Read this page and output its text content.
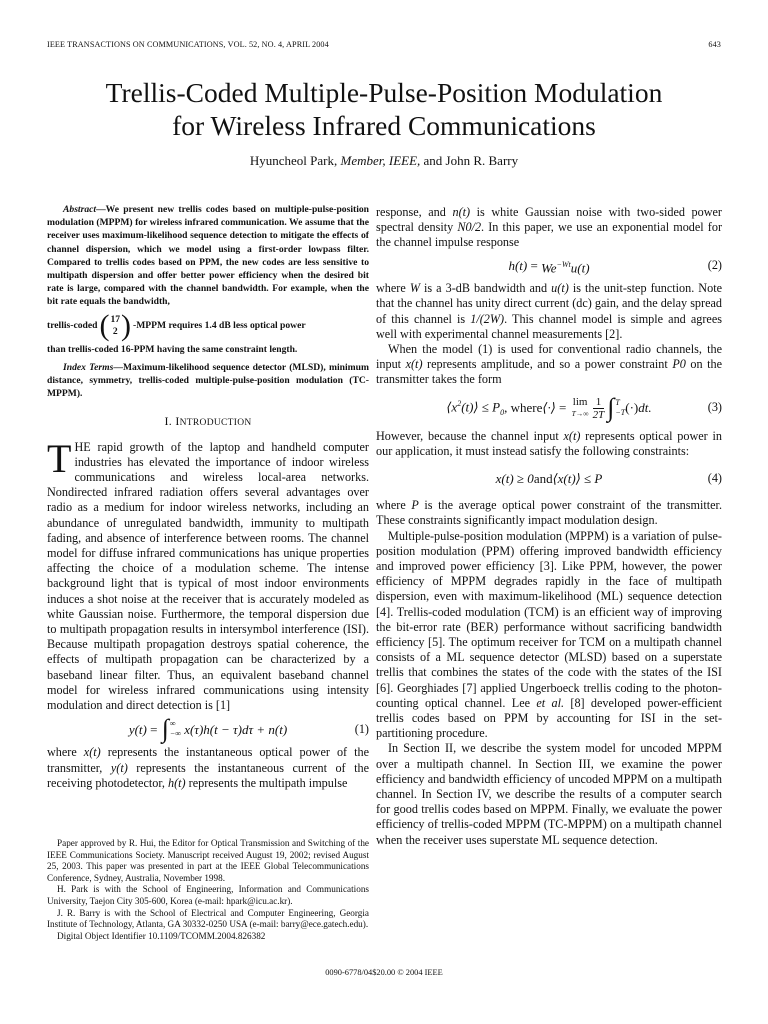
IEEE TRANSACTIONS ON COMMUNICATIONS, VOL. 52, NO. 4, APRIL 2004	643
Trellis-Coded Multiple-Pulse-Position Modulation
for Wireless Infrared Communications
Hyuncheol Park, Member, IEEE, and John R. Barry

Abstract—We present new trellis codes based on multiple-pulse-position modulation (MPPM) for wireless infrared communication. We assume that the receiver uses maximum-likelihood sequence detection to mitigate the effects of channel dispersion, which we model using a first-order lowpass filter. Compared to trellis codes based on PPM, the new codes are less sensitive to multipath dispersion and offer better power efficiency when the desired bit rate is large, compared with the channel bandwidth. For example, when the bit rate equals the bandwidth,

trellis-coded ( 17
2 ) -MPPM requires 1.4 dB less optical power

than trellis-coded 16-PPM having the same constraint length.

Index Terms—Maximum-likelihood sequence detector (MLSD), minimum distance, symmetry, trellis-coded multiple-pulse-position modulation (TC-MPPM).

I. INTRODUCTION

THE rapid growth of the laptop and handheld computer industries has elevated the importance of indoor wireless communications and wireless local-area networks. Nondirected infrared radiation offers several advantages over radio as a medium for indoor wireless networks, including an abundance of unregulated bandwidth, immunity to multipath fading, and absence of interference between rooms. The channel model for diffuse infrared communications has unique properties affecting the choice of a modulation scheme. The intense background light that is typical of most indoor environments induces a shot noise at the receiver that is accurately modeled as white Gaussian noise. Furthermore, the temporal dispersion due to multipath propagation results in intersymbol interference (ISI). Because multipath propagation destroys spatial coherence, the effects of multipath propagation can be characterized by a baseband linear filter. Thus, an equivalent baseband channel model for wireless infrared communications using intensity modulation and direct detection is [1]

y(t) = ∫ ∞
−∞ x(τ)h(t − τ)dτ + n(t)	(1)

where x(t) represents the instantaneous optical power of the transmitter, y(t) represents the instantaneous current of the receiving photodetector, h(t) represents the multipath impulse

Paper approved by R. Hui, the Editor for Optical Transmission and Switching of the IEEE Communications Society. Manuscript received August 19, 2002; revised August 25, 2003. This paper was presented in part at the IEEE Global Telecommunications Conference, Sydney, Australia, November 1998.

H. Park is with the School of Engineering, Information and Communications University, Taejon City 305-600, Korea (e-mail: hpark@icu.ac.kr).

J. R. Barry is with the School of Electrical and Computer Engineering, Georgia Institute of Technology, Atlanta, GA 30332-0250 USA (e-mail: barry@ece.gatech.edu).

Digital Object Identifier 10.1109/TCOMM.2004.826382

response, and n(t) is white Gaussian noise with two-sided power spectral density N0/2. In this paper, we use an exponential model for the channel impulse response

$h(t) = We^{-Wt}u(t)$	(2)

where W is a 3-dB bandwidth and u(t) is the unit-step function. Note that the channel has unity direct current (dc) gain, and the delay spread of this channel is 1/(2W). This channel model is simple and agrees well with experimental channel measurements [2].

When the model (1) is used for conventional radio channels, the input x(t) represents amplitude, and so a power constraint P0 on the transmitter takes the form

$⟨x^2(t)⟩ \le P_0$ , where ⟨·⟩ = lim
$T\to\infty \frac{1}{2T}$ ∫ T
−T (·) dt.	(3)

However, because the channel input x(t) represents optical power in our application, it must instead satisfy the following constraints:

x(t) ≥ 0 and ⟨x(t)⟩ ≤ P	(4)

where P is the average optical power constraint of the transmitter. These constraints significantly impact modulation design.

Multiple-pulse-position modulation (MPPM) is a variation of pulse-position modulation (PPM) offering improved bandwidth efficiency and improved power efficiency [3]. Like PPM, however, the power efficiency of MPPM degrades rapidly in the face of multipath dispersion, even with maximum-likelihood (ML) sequence detection [4]. Trellis-coded modulation (TCM) is an efficient way of improving the bit-error rate (BER) performance without sacrificing bandwidth efficiency [5]. The optimum receiver for TCM on a multipath channel consists of a ML sequence detector (MLSD) based on a superstate trellis that combines the states of the code with the states of the ISI [6]. Georghiades [7] applied Ungerboeck trellis coding to the photon-counting optical channel. Lee et al. [8] developed power-efficient trellis codes based on PPM by accounting for ISI in the set-partitioning procedure.

In Section II, we describe the system model for uncoded MPPM over a multipath channel. In Section III, we examine the power efficiency and bandwidth efficiency of uncoded MPPM on a multipath channel. In Section IV, we describe the results of a computer search for good trellis codes based on MPPM. Finally, we evaluate the power efficiency of trellis-coded MPPM (TC-MPPM) on a multipath channel when the receiver uses superstate ML sequence detection.

0090-6778/04$20.00 © 2004 IEEE
